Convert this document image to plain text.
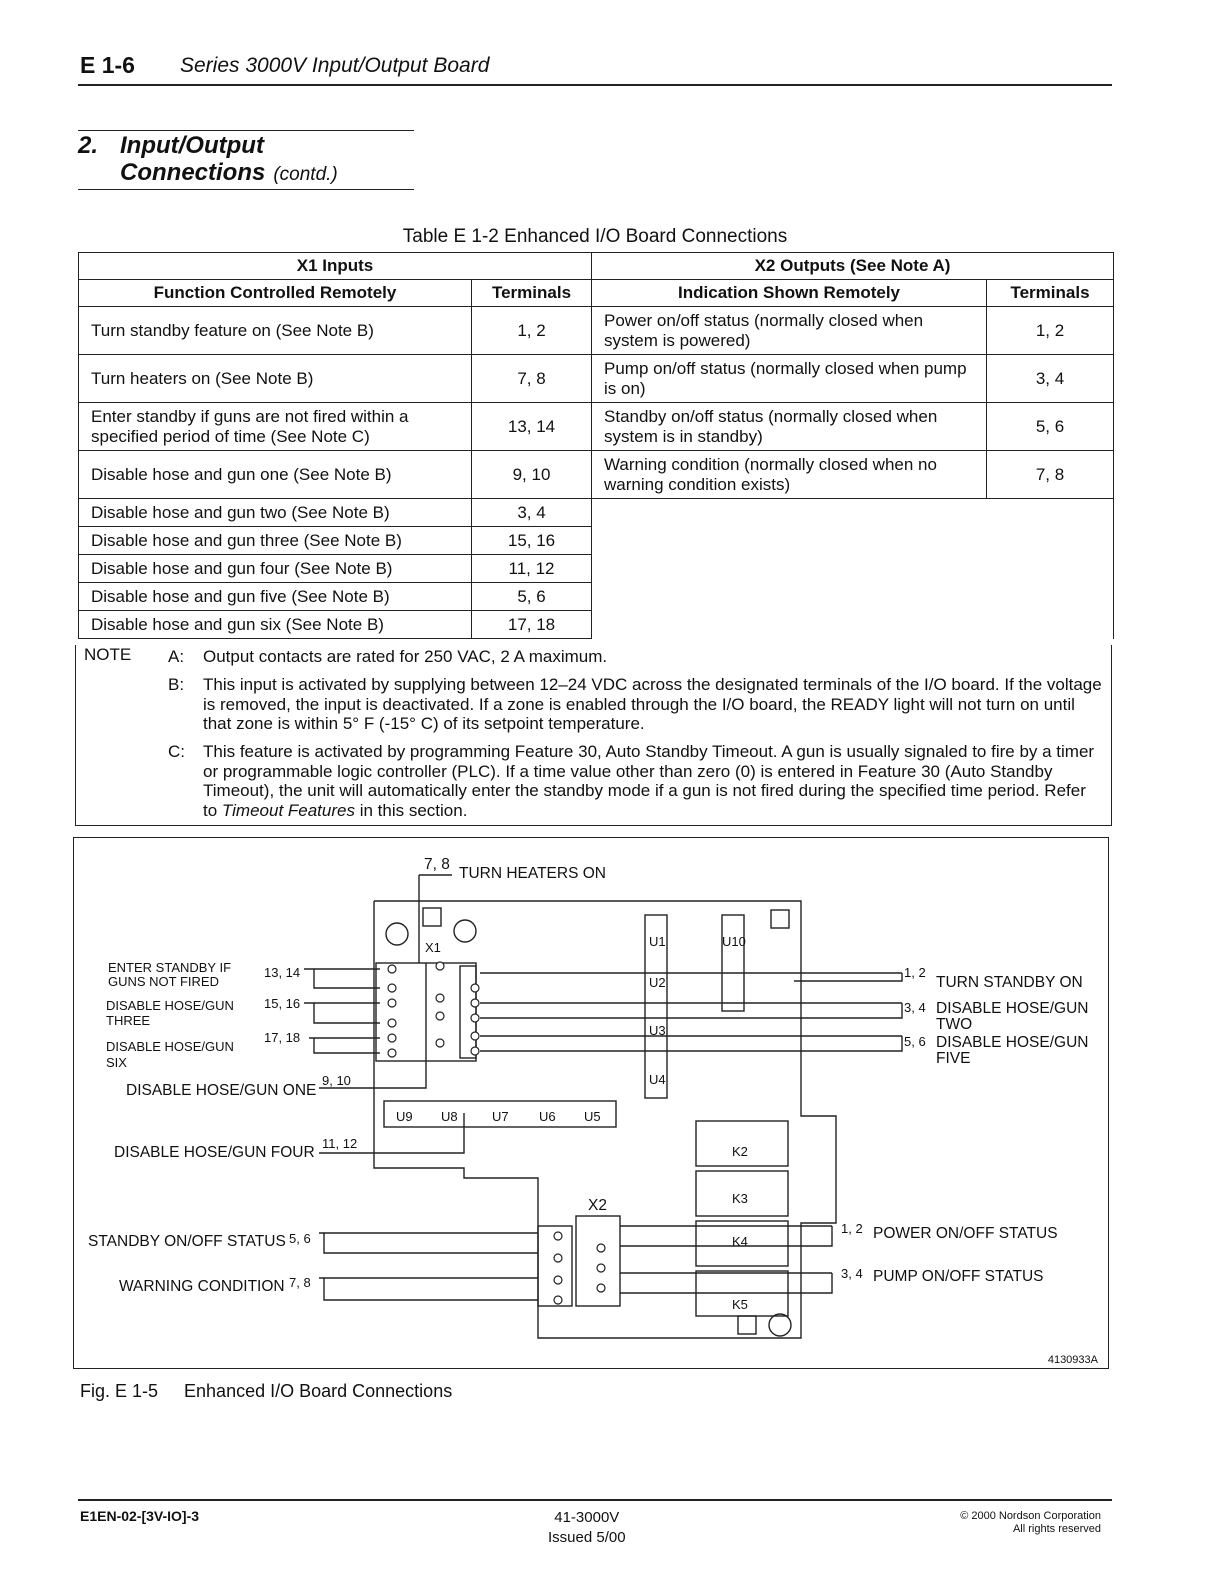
E 1-6 Series 3000V Input/Output Board
2. Input/Output
Connections (contd.)
Table E 1-2 Enhanced I/O Board Connections
X1 Inputs		X2 Outputs (See Note A)	
Function Controlled Remotely	Terminals	Indication Shown Remotely	Terminals
Turn standby feature on (See Note B)	1, 2	Power on/off status (normally closed when system is powered)	1, 2
Turn heaters on (See Note B)	7, 8	Pump on/off status (normally closed when pump is on)	3, 4
Enter standby if guns are not fired within a specified period of time (See Note C)	13, 14	Standby on/off status (normally closed when system is in standby)	5, 6
Disable hose and gun one (See Note B)	9, 10	Warning condition (normally closed when no warning condition exists)	7, 8
Disable hose and gun two (See Note B)	3, 4		
Disable hose and gun three (See Note B)	15, 16		
Disable hose and gun four (See Note B)	11, 12		
Disable hose and gun five (See Note B)	5, 6		
Disable hose and gun six (See Note B)	17, 18		
NOTE A: Output contacts are rated for 250 VAC, 2 A maximum.
B: This input is activated by supplying between 12–24 VDC across the designated terminals of the I/O board. If the voltage is removed, the input is deactivated. If a zone is enabled through the I/O board, the READY light will not turn on until that zone is within 5° F (-15° C) of its setpoint temperature.
C: This feature is activated by programming Feature 30, Auto Standby Timeout. A gun is usually signaled to fire by a timer or programmable logic controller (PLC). If a time value other than zero (0) is entered in Feature 30 (Auto Standby Timeout), the unit will automatically enter the standby mode if a gun is not fired during the specified time period. Refer to Timeout Features in this section.
7, 8
TURN HEATERS ON
X1
X2
ENTER STANDBY IF
GUNS NOT FIRED
13, 14
DISABLE HOSE/GUN
THREE
15, 16
DISABLE HOSE/GUN
SIX
17, 18
DISABLE HOSE/GUN ONE
9, 10
DISABLE HOSE/GUN FOUR
11, 12
STANDBY ON/OFF STATUS 5, 6
WARNING CONDITION 7, 8
1, 2
TURN STANDBY ON
3, 4 DISABLE HOSE/GUN
TWO
5, 6 DISABLE HOSE/GUN
FIVE
1, 2 POWER ON/OFF STATUS
3, 4 PUMP ON/OFF STATUS
U1
U2
U3
U4
U10
U9 U8	U7 U6 U5
K2
K3
K4
K5
4130933A
Fig. E 1-5 Enhanced I/O Board Connections
E1EN-02-[3V-IO]-3	41-3000V
Issued 5/00
© 2000 Nordson Corporation
All rights reserved
